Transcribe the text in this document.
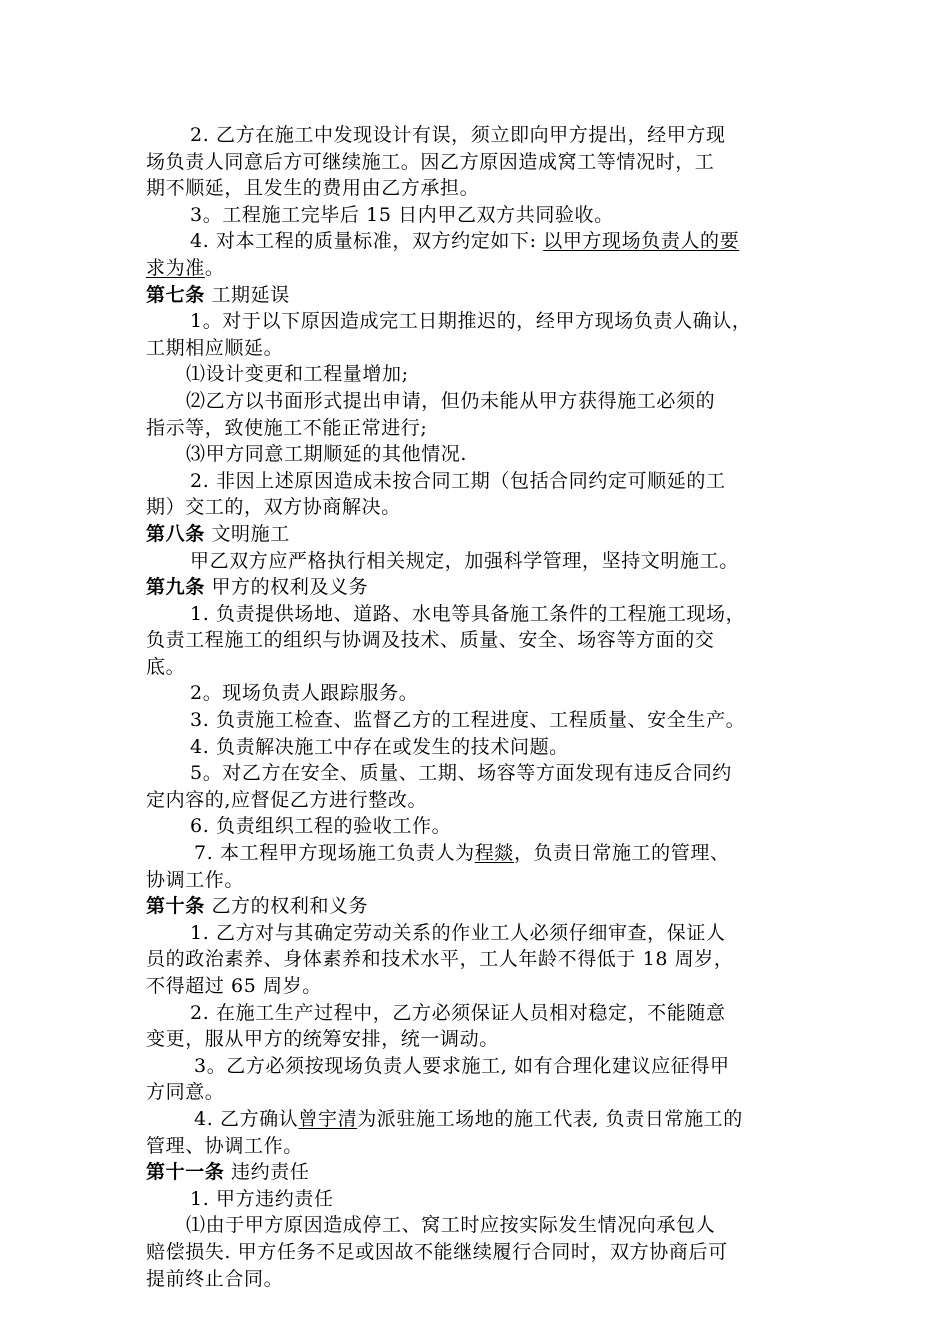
2. 乙方在施工中发现设计有误，须立即向甲方提出，经甲方现
场负责人同意后方可继续施工。因乙方原因造成窝工等情况时，工
期不顺延，且发生的费用由乙方承担。
3。工程施工完毕后 15 日内甲乙双方共同验收。
4. 对本工程的质量标准，双方约定如下: 以甲方现场负责人的要
求为准。
第七条 工期延误
1。对于以下原因造成完工日期推迟的，经甲方现场负责人确认，
工期相应顺延。
⑴设计变更和工程量增加;
⑵乙方以书面形式提出申请，但仍未能从甲方获得施工必须的
指示等，致使施工不能正常进行;
⑶甲方同意工期顺延的其他情况.
2. 非因上述原因造成未按合同工期（包括合同约定可顺延的工
期）交工的，双方协商解决。
第八条 文明施工
甲乙双方应严格执行相关规定，加强科学管理，坚持文明施工。
第九条 甲方的权利及义务
1. 负责提供场地、道路、水电等具备施工条件的工程施工现场，
负责工程施工的组织与协调及技术、质量、安全、场容等方面的交
底。
2。现场负责人跟踪服务。
3. 负责施工检查、监督乙方的工程进度、工程质量、安全生产。
4. 负责解决施工中存在或发生的技术问题。
5。对乙方在安全、质量、工期、场容等方面发现有违反合同约
定内容的,应督促乙方进行整改。
6. 负责组织工程的验收工作。
7. 本工程甲方现场施工负责人为程燚，负责日常施工的管理、
协调工作。
第十条 乙方的权利和义务
1. 乙方对与其确定劳动关系的作业工人必须仔细审查，保证人
员的政治素养、身体素养和技术水平，工人年龄不得低于 18 周岁，
不得超过 65 周岁。
2. 在施工生产过程中，乙方必须保证人员相对稳定，不能随意
变更，服从甲方的统筹安排，统一调动。
3。乙方必须按现场负责人要求施工, 如有合理化建议应征得甲
方同意。
4. 乙方确认曾宇清为派驻施工场地的施工代表, 负责日常施工的
管理、协调工作。
第十一条 违约责任
1. 甲方违约责任
⑴由于甲方原因造成停工、窝工时应按实际发生情况向承包人
赔偿损失. 甲方任务不足或因故不能继续履行合同时，双方协商后可
提前终止合同。
